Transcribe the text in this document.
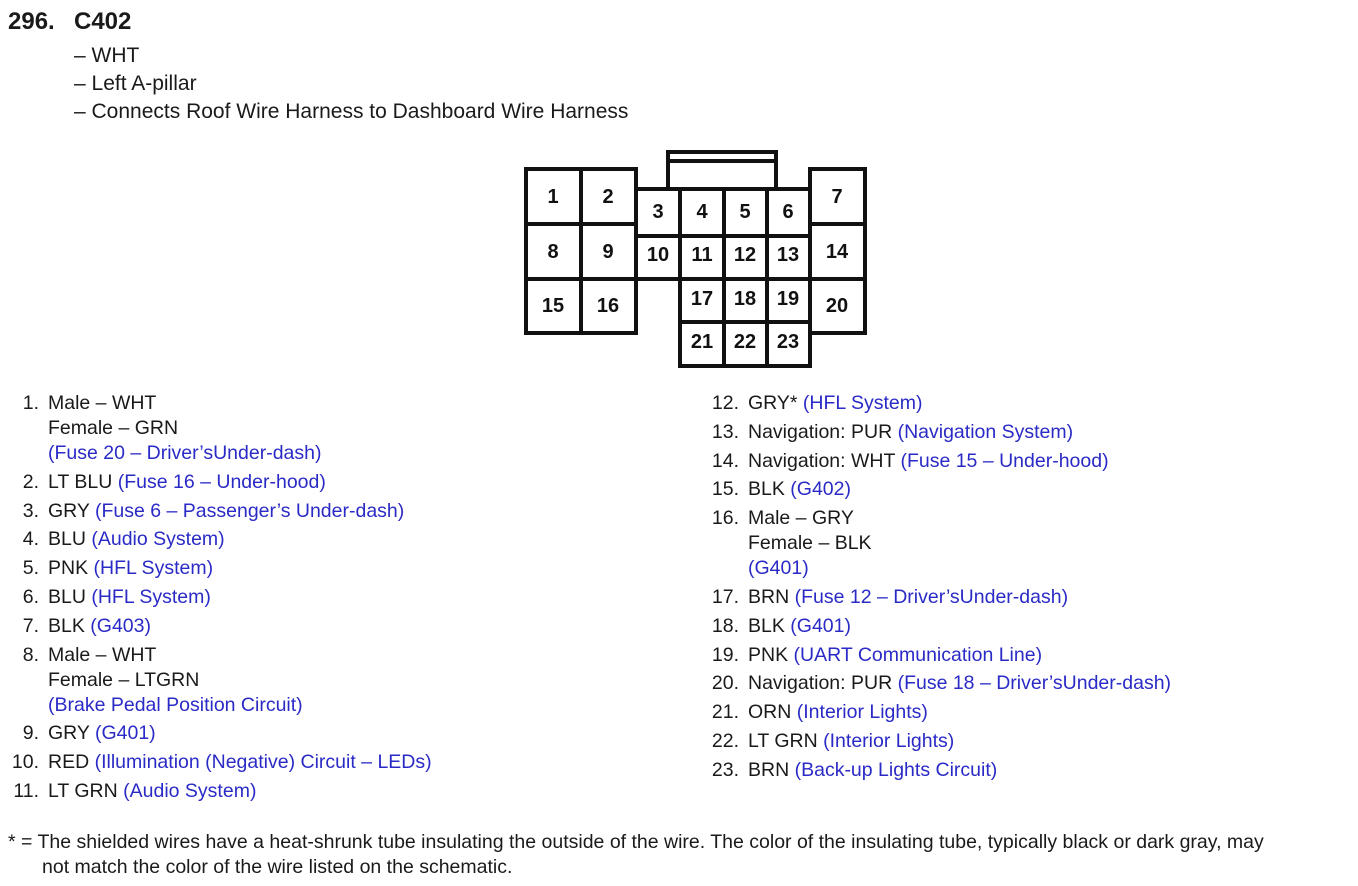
296. C402
– WHT
– Left A-pillar
– Connects Roof Wire Harness to Dashboard Wire Harness
1 2
3 4 5 6
7
8 9 10 11 12 13 14
15 16	17 18 19 20
21 22 23
1. Male – WHT
Female – GRN
(Fuse 20 – Driver’sUnder-dash)
2. LT BLU (Fuse 16 – Under-hood)
3. GRY (Fuse 6 – Passenger’s Under-dash)
4. BLU (Audio System)
5. PNK (HFL System)
6. BLU (HFL System)
7. BLK (G403)
8. Male – WHT
Female – LTGRN
(Brake Pedal Position Circuit)
9. GRY (G401)
10. RED (Illumination (Negative) Circuit – LEDs)
11. LT GRN (Audio System)
12. GRY* (HFL System)
13. Navigation: PUR (Navigation System)
14. Navigation: WHT (Fuse 15 – Under-hood)
15. BLK (G402)
16. Male – GRY
Female – BLK
(G401)
17. BRN (Fuse 12 – Driver’sUnder-dash)
18. BLK (G401)
19. PNK (UART Communication Line)
20. Navigation: PUR (Fuse 18 – Driver’sUnder-dash)
21. ORN (Interior Lights)
22. LT GRN (Interior Lights)
23. BRN (Back-up Lights Circuit)
* = The shielded wires have a heat-shrunk tube insulating the outside of the wire. The color of the insulating tube, typically black or dark gray, may
not match the color of the wire listed on the schematic.
